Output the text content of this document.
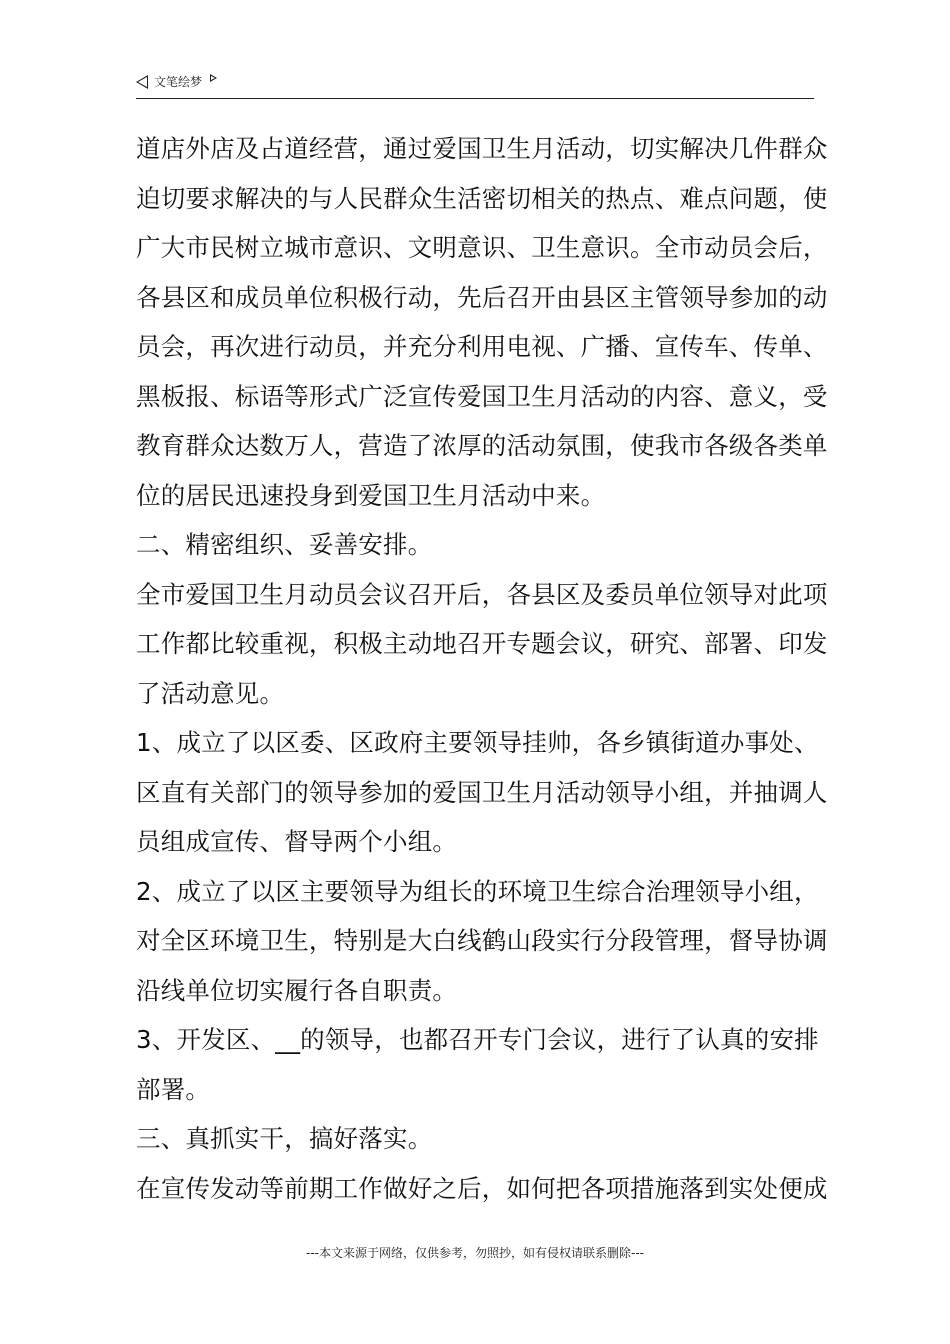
文笔绘梦
道店外店及占道经营，通过爱国卫生月活动，切实解决几件群众
迫切要求解决的与人民群众生活密切相关的热点、难点问题，使
广大市民树立城市意识、文明意识、卫生意识。全市动员会后，
各县区和成员单位积极行动，先后召开由县区主管领导参加的动
员会，再次进行动员，并充分利用电视、广播、宣传车、传单、
黑板报、标语等形式广泛宣传爱国卫生月活动的内容、意义，受
教育群众达数万人，营造了浓厚的活动氛围，使我市各级各类单
位的居民迅速投身到爱国卫生月活动中来。
二、精密组织、妥善安排。
全市爱国卫生月动员会议召开后，各县区及委员单位领导对此项
工作都比较重视，积极主动地召开专题会议，研究、部署、印发
了活动意见。
1、成立了以区委、区政府主要领导挂帅，各乡镇街道办事处、
区直有关部门的领导参加的爱国卫生月活动领导小组，并抽调人
员组成宣传、督导两个小组。
2、成立了以区主要领导为组长的环境卫生综合治理领导小组，
对全区环境卫生，特别是大白线鹤山段实行分段管理，督导协调
沿线单位切实履行各自职责。
3、开发区、__的领导，也都召开专门会议，进行了认真的安排
部署。
三、真抓实干，搞好落实。
在宣传发动等前期工作做好之后，如何把各项措施落到实处便成
---本文来源于网络，仅供参考，勿照抄，如有侵权请联系删除---
